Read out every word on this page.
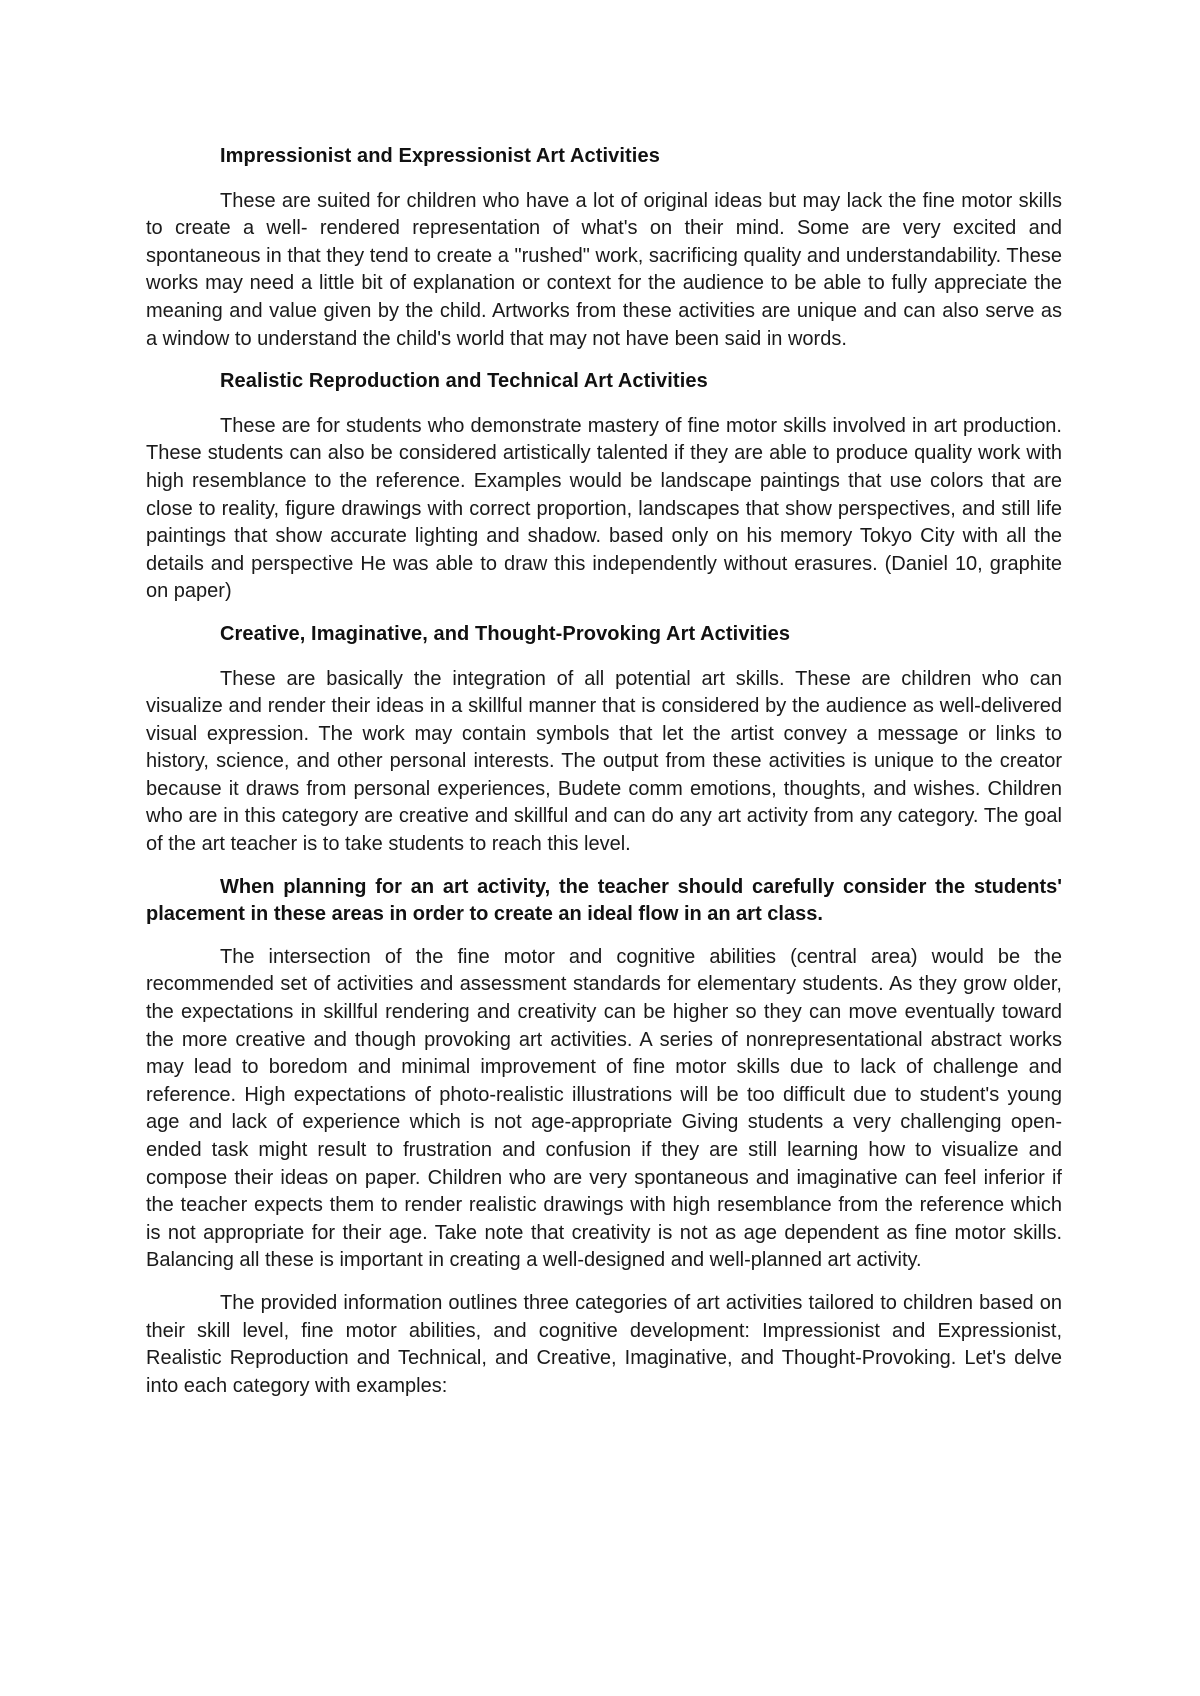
Impressionist and Expressionist Art Activities
These are suited for children who have a lot of original ideas but may lack the fine motor skills to create a well- rendered representation of what's on their mind. Some are very excited and spontaneous in that they tend to create a "rushed" work, sacrificing quality and understandability. These works may need a little bit of explanation or context for the audience to be able to fully appreciate the meaning and value given by the child. Artworks from these activities are unique and can also serve as a window to understand the child's world that may not have been said in words.
Realistic Reproduction and Technical Art Activities
These are for students who demonstrate mastery of fine motor skills involved in art production. These students can also be considered artistically talented if they are able to produce quality work with high resemblance to the reference. Examples would be landscape paintings that use colors that are close to reality, figure drawings with correct proportion, landscapes that show perspectives, and still life paintings that show accurate lighting and shadow. based only on his memory Tokyo City with all the details and perspective He was able to draw this independently without erasures. (Daniel 10, graphite on paper)
Creative, Imaginative, and Thought-Provoking Art Activities
These are basically the integration of all potential art skills. These are children who can visualize and render their ideas in a skillful manner that is considered by the audience as well-delivered visual expression. The work may contain symbols that let the artist convey a message or links to history, science, and other personal interests. The output from these activities is unique to the creator because it draws from personal experiences, Budete comm emotions, thoughts, and wishes. Children who are in this category are creative and skillful and can do any art activity from any category. The goal of the art teacher is to take students to reach this level.
When planning for an art activity, the teacher should carefully consider the students' placement in these areas in order to create an ideal flow in an art class.
The intersection of the fine motor and cognitive abilities (central area) would be the recommended set of activities and assessment standards for elementary students. As they grow older, the expectations in skillful rendering and creativity can be higher so they can move eventually toward the more creative and though provoking art activities. A series of nonrepresentational abstract works may lead to boredom and minimal improvement of fine motor skills due to lack of challenge and reference. High expectations of photo-realistic illustrations will be too difficult due to student's young age and lack of experience which is not age-appropriate Giving students a very challenging open-ended task might result to frustration and confusion if they are still learning how to visualize and compose their ideas on paper. Children who are very spontaneous and imaginative can feel inferior if the teacher expects them to render realistic drawings with high resemblance from the reference which is not appropriate for their age. Take note that creativity is not as age dependent as fine motor skills. Balancing all these is important in creating a well-designed and well-planned art activity.
The provided information outlines three categories of art activities tailored to children based on their skill level, fine motor abilities, and cognitive development: Impressionist and Expressionist, Realistic Reproduction and Technical, and Creative, Imaginative, and Thought-Provoking. Let's delve into each category with examples:
